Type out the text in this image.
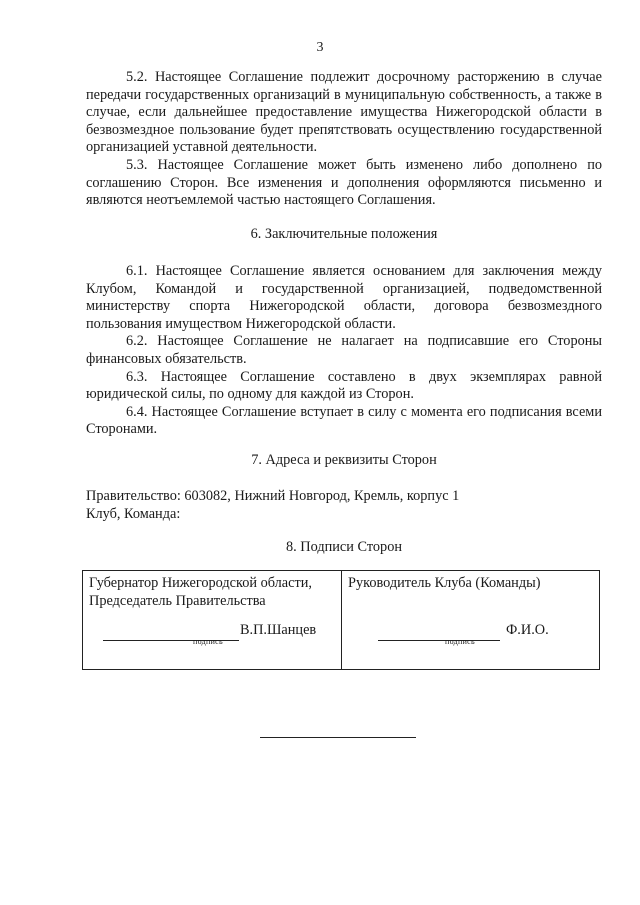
3

5.2. Настоящее Соглашение подлежит досрочному расторжению в случае передачи государственных организаций в муниципальную собственность, а также в случае, если дальнейшее предоставление имущества Нижегородской области в безвозмездное пользование будет препятствовать осуществлению государственной организацией уставной деятельности.

5.3. Настоящее Соглашение может быть изменено либо дополнено по соглашению Сторон. Все изменения и дополнения оформляются письменно и являются неотъемлемой частью настоящего Соглашения.

6. Заключительные положения

6.1. Настоящее Соглашение является основанием для заключения между Клубом, Командой и государственной организацией, подведомственной министерству спорта Нижегородской области, договора безвозмездного пользования имуществом Нижегородской области.

6.2. Настоящее Соглашение не налагает на подписавшие его Стороны финансовых обязательств.

6.3. Настоящее Соглашение составлено в двух экземплярах равной юридической силы, по одному для каждой из Сторон.

6.4. Настоящее Соглашение вступает в силу с момента его подписания всеми Сторонами.

7. Адреса и реквизиты Сторон

Правительство: 603082, Нижний Новгород, Кремль, корпус 1

Клуб, Команда:

8. Подписи Сторон

Губернатор Нижегородской области,

Председатель Правительства

В.П.Шанцев
подпись

Руководитель Клуба (Команды)

Ф.И.О.
подпись
